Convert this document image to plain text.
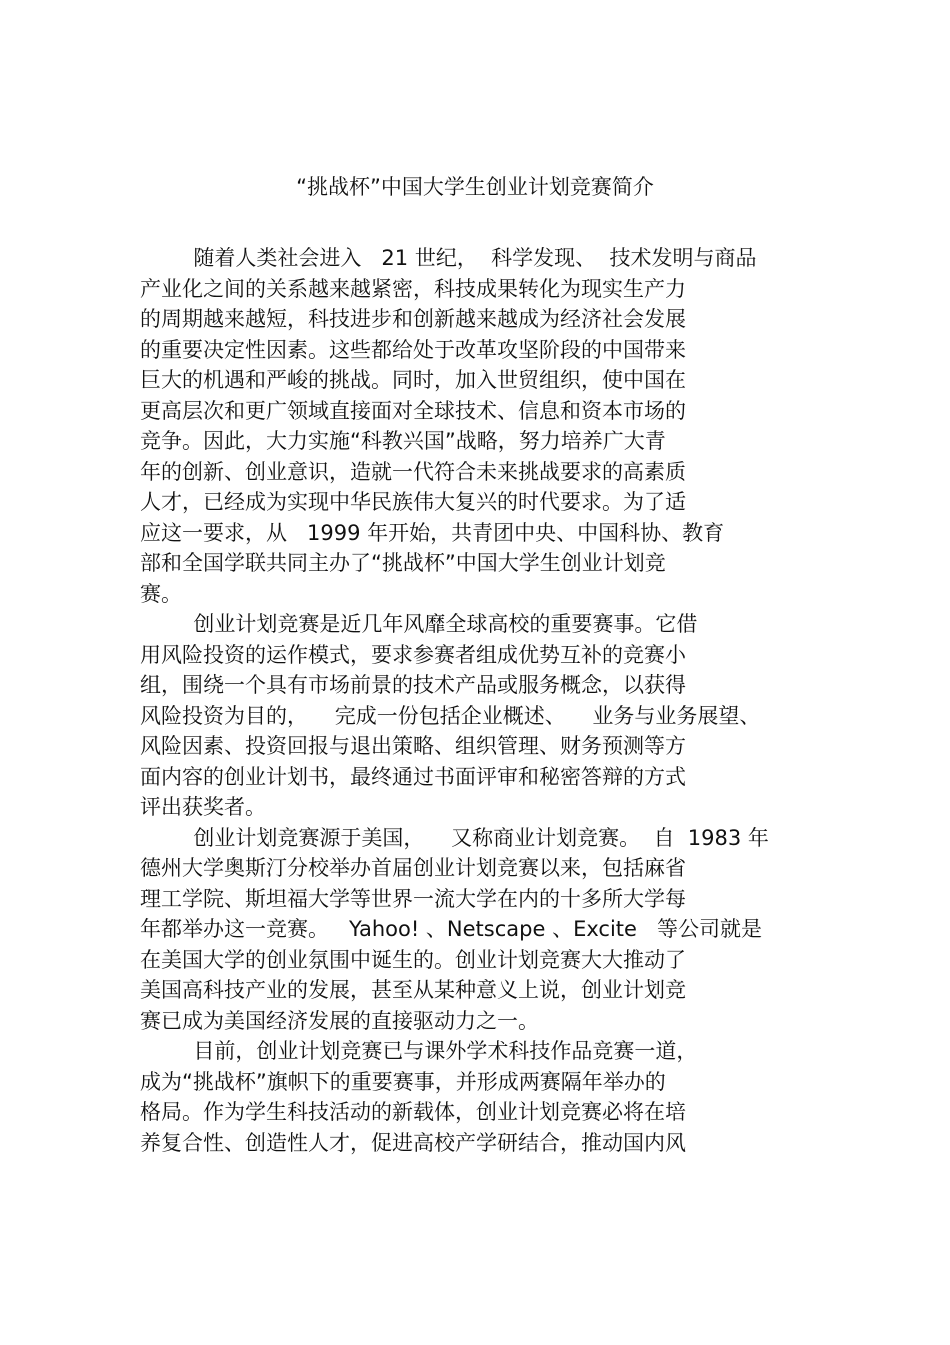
“挑战杯”中国大学生创业计划竞赛简介
随着人类社会进入   21 世纪，  科学发现、  技术发明与商品
产业化之间的关系越来越紧密，科技成果转化为现实生产力
的周期越来越短，科技进步和创新越来越成为经济社会发展
的重要决定性因素。这些都给处于改革攻坚阶段的中国带来
巨大的机遇和严峻的挑战。同时，加入世贸组织，使中国在
更高层次和更广领域直接面对全球技术、信息和资本市场的
竞争。因此，大力实施“科教兴国”战略，努力培养广大青
年的创新、创业意识，造就一代符合未来挑战要求的高素质
人才，已经成为实现中华民族伟大复兴的时代要求。为了适
应这一要求，从   1999 年开始，共青团中央、中国科协、教育
部和全国学联共同主办了“挑战杯”中国大学生创业计划竞
赛。
创业计划竞赛是近几年风靡全球高校的重要赛事。它借
用风险投资的运作模式，要求参赛者组成优势互补的竞赛小
组，围绕一个具有市场前景的技术产品或服务概念，以获得
风险投资为目的，    完成一份包括企业概述、    业务与业务展望、
风险因素、投资回报与退出策略、组织管理、财务预测等方
面内容的创业计划书，最终通过书面评审和秘密答辩的方式
评出获奖者。
创业计划竞赛源于美国，    又称商业计划竞赛。  自  1983 年
德州大学奥斯汀分校举办首届创业计划竞赛以来，包括麻省
理工学院、斯坦福大学等世界一流大学在内的十多所大学每
年都举办这一竞赛。   Yahoo! 、Netscape 、Excite   等公司就是
在美国大学的创业氛围中诞生的。创业计划竞赛大大推动了
美国高科技产业的发展，甚至从某种意义上说，创业计划竞
赛已成为美国经济发展的直接驱动力之一。
目前，创业计划竞赛已与课外学术科技作品竞赛一道，
成为“挑战杯”旗帜下的重要赛事，并形成两赛隔年举办的
格局。作为学生科技活动的新载体，创业计划竞赛必将在培
养复合性、创造性人才，促进高校产学研结合，推动国内风
